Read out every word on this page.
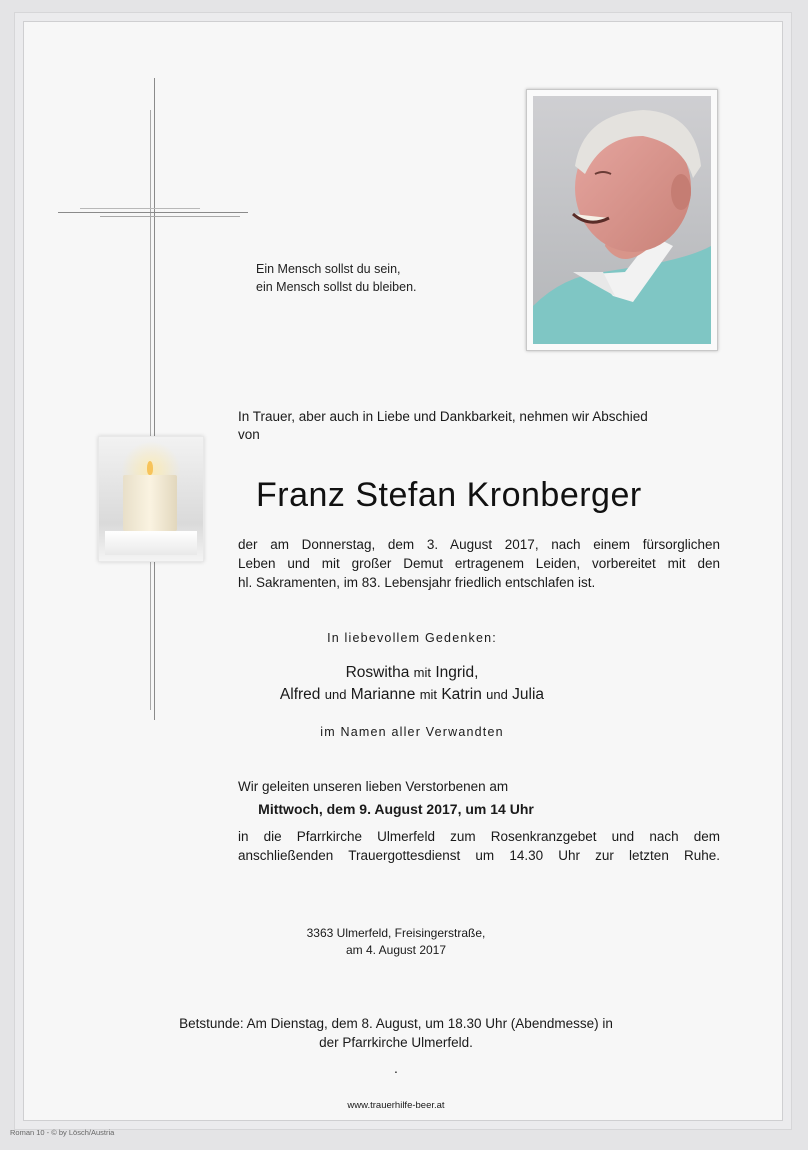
Ein Mensch sollst du sein,
ein Mensch sollst du bleiben.
In Trauer, aber auch in Liebe und Dankbarkeit, nehmen wir Abschied
von
Franz Stefan Kronberger
der am Donnerstag, dem 3. August 2017, nach einem fürsorglichen
Leben und mit großer Demut ertragenem Leiden, vorbereitet mit den
hl. Sakramenten, im 83. Lebensjahr friedlich entschlafen ist.
In liebevollem Gedenken:
Roswitha mit Ingrid,
Alfred und Marianne mit Katrin und Julia
im Namen aller Verwandten
Wir geleiten unseren lieben Verstorbenen am
Mittwoch, dem 9. August 2017, um 14 Uhr
in die Pfarrkirche Ulmerfeld zum Rosenkranzgebet und nach dem
anschließenden Trauergottesdienst um 14.30 Uhr zur letzten Ruhe.
3363 Ulmerfeld, Freisingerstraße,
am 4. August 2017
Betstunde: Am Dienstag, dem 8. August, um 18.30 Uhr (Abendmesse) in
der Pfarrkirche Ulmerfeld.
.
www.trauerhilfe-beer.at
Roman 10 - © by Lösch/Austria
